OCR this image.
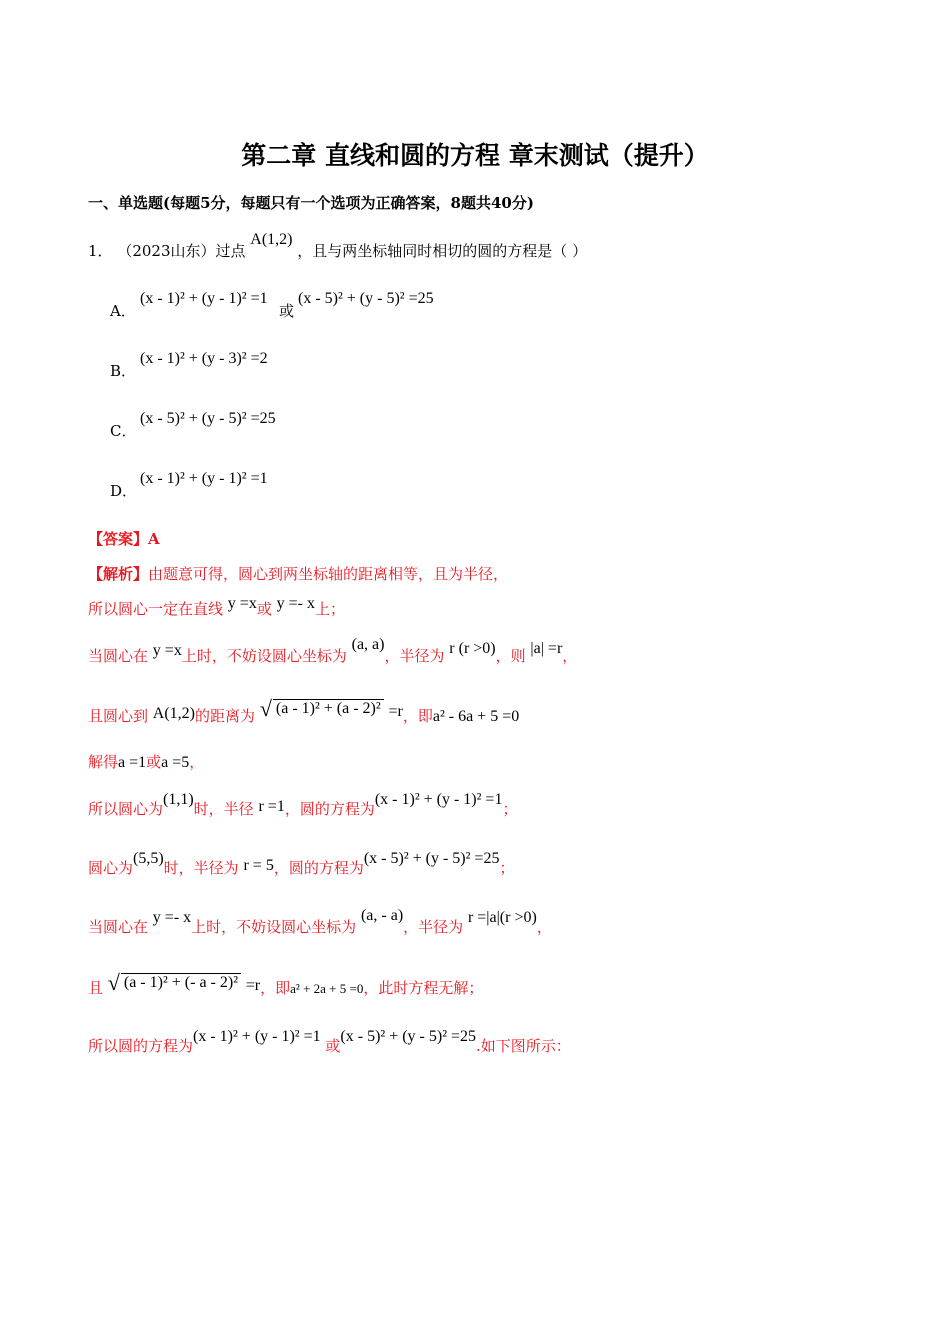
第二章 直线和圆的方程 章末测试（提升）
一、单选题(每题5分，每题只有一个选项为正确答案，8题共40分)
1． （2023山东）过点 A(1,2) ，且与两坐标轴同时相切的圆的方程是（ ）
A．
(x - 1)² + (y - 1)² =1
或
(x - 5)² + (y - 5)² =25
B．
(x - 1)² + (y - 3)² =2
C．
(x - 5)² + (y - 5)² =25
D．
(x - 1)² + (y - 1)² =1
【答案】A
【解析】由题意可得，圆心到两坐标轴的距离相等，且为半径，
所以圆心一定在直线 y =x或 y =- x上；
当圆心在 y =x上时，不妨设圆心坐标为 (a, a)，半径为 r (r >0)，则 |a| =r，
且圆心到 A(1,2)的距离为 √ (a - 1)² + (a - 2)² =r，即a² - 6a + 5 =0
解得a =1或a =5，
所以圆心为(1,1)时，半径 r =1，圆的方程为(x - 1)² + (y - 1)² =1；
圆心为(5,5)时，半径为 r = 5，圆的方程为(x - 5)² + (y - 5)² =25；
当圆心在 y =- x上时，不妨设圆心坐标为 (a, - a)，半径为 r =|a|(r >0)，
且 √ (a - 1)² + (- a - 2)² =r，即a² + 2a + 5 =0，此时方程无解；
所以圆的方程为(x - 1)² + (y - 1)² =1 或(x - 5)² + (y - 5)² =25.如下图所示：
